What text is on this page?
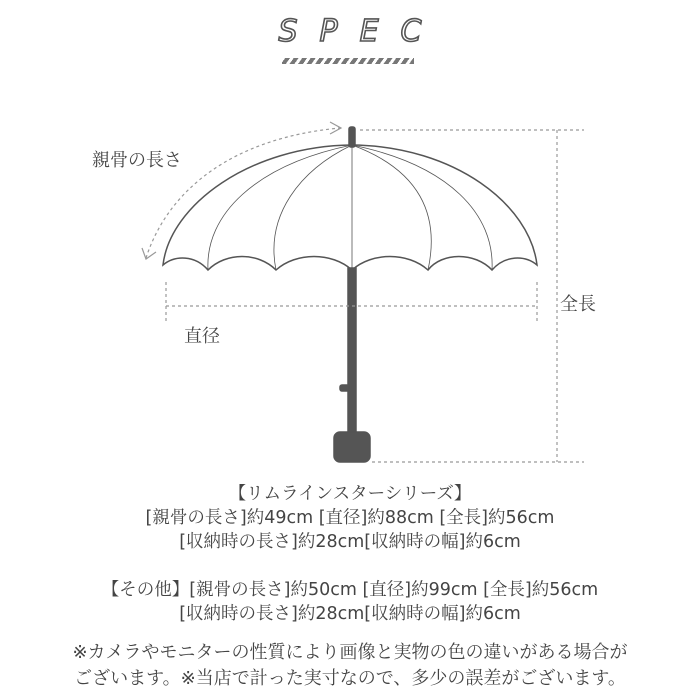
SPEC
親骨の長さ
直径
全長
【リムラインスターシリーズ】
[親骨の長さ]約49cm [直径]約88cm [全長]約56cm
[収納時の長さ]約28cm[収納時の幅]約6cm
【その他】[親骨の長さ]約50cm [直径]約99cm [全長]約56cm
[収納時の長さ]約28cm[収納時の幅]約6cm
※カメラやモニターの性質により画像と実物の色の違いがある場合が
ございます。※当店で計った実寸なので、多少の誤差がございます。
